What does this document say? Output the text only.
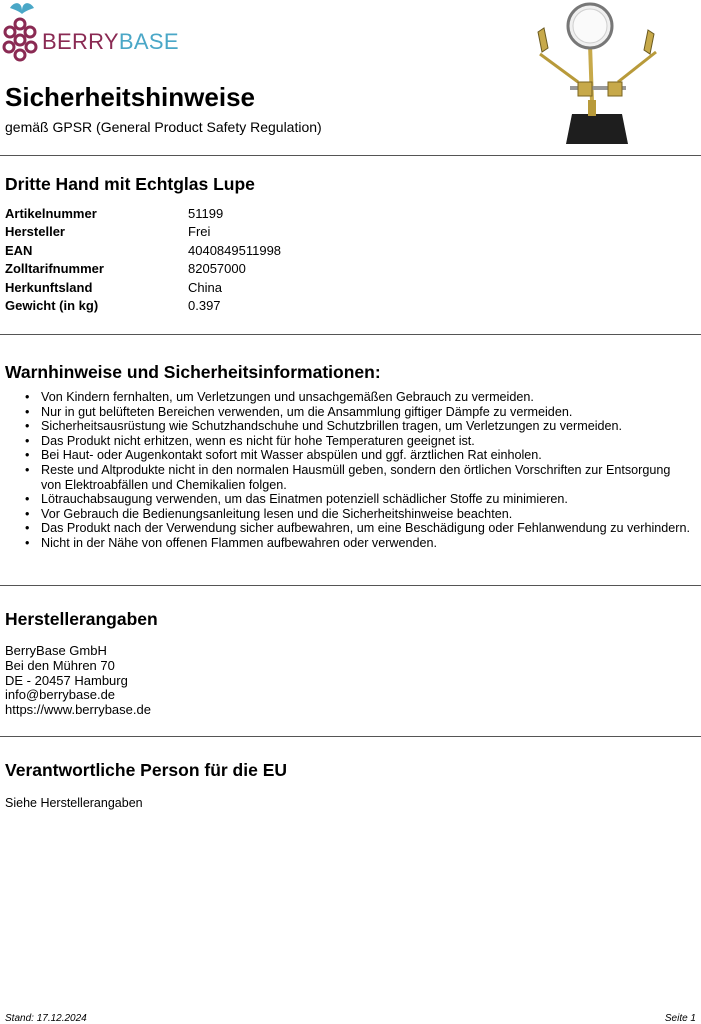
BERRYBASE
Sicherheitshinweise
gemäß GPSR (General Product Safety Regulation)
Dritte Hand mit Echtglas Lupe
Artikelnummer	51199
Hersteller	Frei
EAN	4040849511998
Zolltarifnummer	82057000
Herkunftsland	China
Gewicht (in kg)	0.397
Warnhinweise und Sicherheitsinformationen:
• Von Kindern fernhalten, um Verletzungen und unsachgemäßen Gebrauch zu vermeiden.
• Nur in gut belüfteten Bereichen verwenden, um die Ansammlung giftiger Dämpfe zu vermeiden.
• Sicherheitsausrüstung wie Schutzhandschuhe und Schutzbrillen tragen, um Verletzungen zu vermeiden.
• Das Produkt nicht erhitzen, wenn es nicht für hohe Temperaturen geeignet ist.
• Bei Haut- oder Augenkontakt sofort mit Wasser abspülen und ggf. ärztlichen Rat einholen.
• Reste und Altprodukte nicht in den normalen Hausmüll geben, sondern den örtlichen Vorschriften zur Entsorgung von Elektroabfällen und Chemikalien folgen.
• Lötrauchabsaugung verwenden, um das Einatmen potenziell schädlicher Stoffe zu minimieren.
• Vor Gebrauch die Bedienungsanleitung lesen und die Sicherheitshinweise beachten.
• Das Produkt nach der Verwendung sicher aufbewahren, um eine Beschädigung oder Fehlanwendung zu verhindern.
• Nicht in der Nähe von offenen Flammen aufbewahren oder verwenden.
Herstellerangaben
BerryBase GmbH
Bei den Mühren 70
DE - 20457 Hamburg
info@berrybase.de
https://www.berrybase.de
Verantwortliche Person für die EU
Siehe Herstellerangaben
Stand: 17.12.2024	Seite 1
